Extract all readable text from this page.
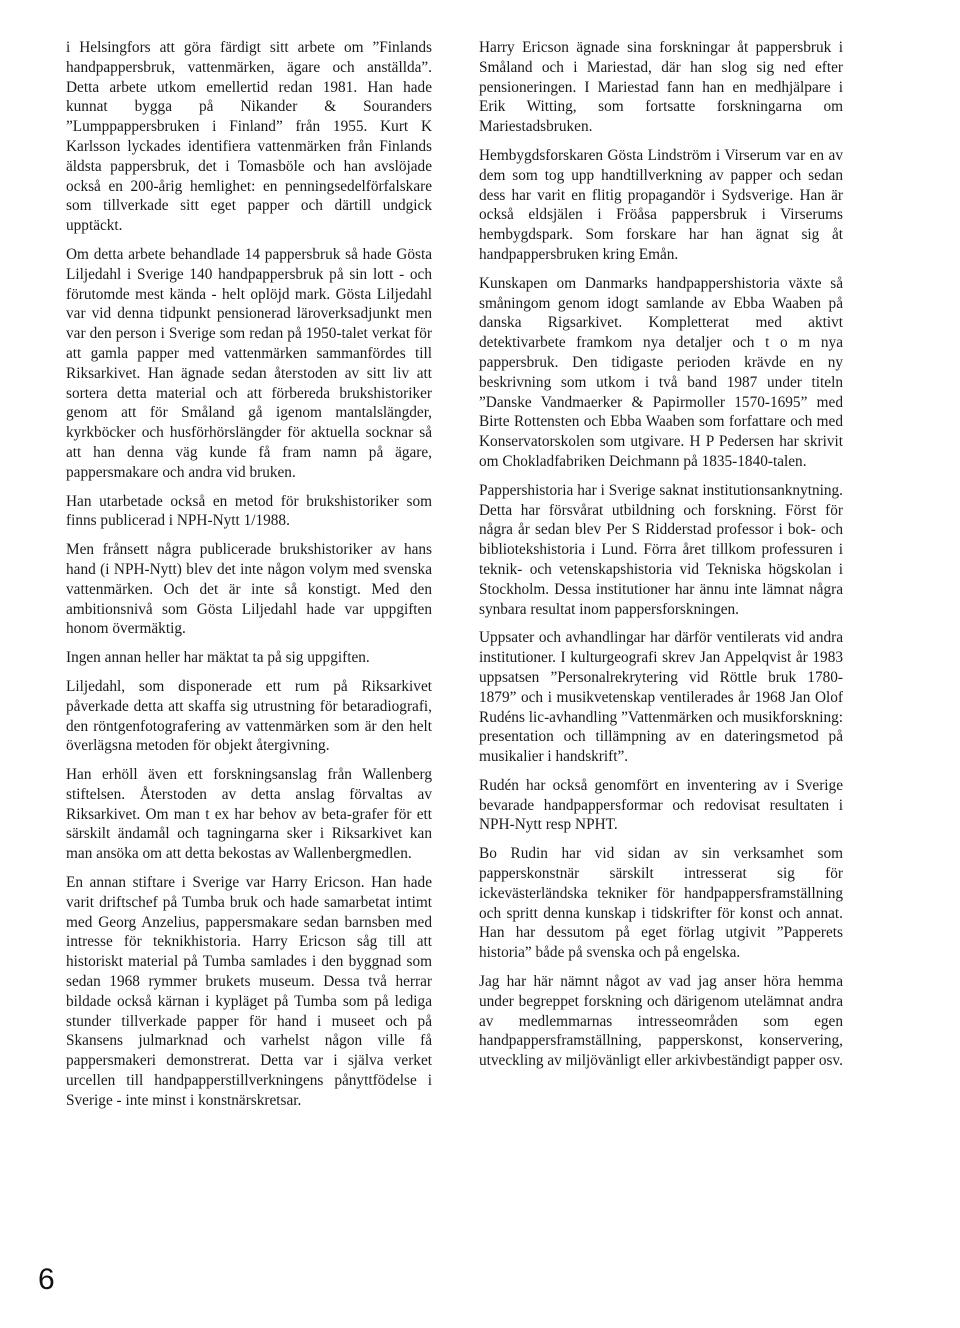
i Helsingfors att göra färdigt sitt arbete om ”Finlands handpappersbruk, vattenmärken, ägare och anställda”. Detta arbete utkom emellertid redan 1981. Han hade kunnat bygga på Nikander & Souranders ”Lumppappersbruken i Finland” från 1955. Kurt K Karlsson lyckades identifiera vattenmärken från Finlands äldsta pappersbruk, det i Tomasböle och han avslöjade också en 200-årig hemlighet: en penningsedelförfalskare som tillverkade sitt eget papper och därtill undgick upptäckt.

Om detta arbete behandlade 14 pappersbruk så hade Gösta Liljedahl i Sverige 140 handpappersbruk på sin lott - och förutomde mest kända - helt oplöjd mark. Gösta Liljedahl var vid denna tidpunkt pensionerad läroverksadjunkt men var den person i Sverige som redan på 1950-talet verkat för att gamla papper med vattenmärken sammanfördes till Riksarkivet. Han ägnade sedan återstoden av sitt liv att sortera detta material och att förbereda brukshistoriker genom att för Småland gå igenom mantalslängder, kyrkböcker och husförhörslängder för aktuella socknar så att han denna väg kunde få fram namn på ägare, pappersmakare och andra vid bruken.

Han utarbetade också en metod för brukshistoriker som finns publicerad i NPH-Nytt 1/1988.

Men frånsett några publicerade brukshistoriker av hans hand (i NPH-Nytt) blev det inte någon volym med svenska vattenmärken. Och det är inte så konstigt. Med den ambitionsnivå som Gösta Liljedahl hade var uppgiften honom övermäktig.

Ingen annan heller har mäktat ta på sig uppgiften.

Liljedahl, som disponerade ett rum på Riksarkivet påverkade detta att skaffa sig utrustning för betaradiografi, den röntgenfotografering av vattenmärken som är den helt överlägsna metoden för objekt återgivning.

Han erhöll även ett forskningsanslag från Wallenberg stiftelsen. Återstoden av detta anslag förvaltas av Riksarkivet. Om man t ex har behov av beta-grafer för ett särskilt ändamål och tagningarna sker i Riksarkivet kan man ansöka om att detta bekostas av Wallenbergmedlen.

En annan stiftare i Sverige var Harry Ericson. Han hade varit driftschef på Tumba bruk och hade samarbetat intimt med Georg Anzelius, pappersmakare sedan barnsben med intresse för teknikhistoria. Harry Ericson såg till att historiskt material på Tumba samlades i den byggnad som sedan 1968 rymmer brukets museum. Dessa två herrar bildade också kärnan i kypläget på Tumba som på lediga stunder tillverkade papper för hand i museet och på Skansens julmarknad och varhelst någon ville få pappersmakeri demonstrerat. Detta var i själva verket urcellen till handpapperstillverkningens pånyttfödelse i Sverige - inte minst i konstnärskretsar.

Harry Ericson ägnade sina forskningar åt pappersbruk i Småland och i Mariestad, där han slog sig ned efter pensioneringen. I Mariestad fann han en medhjälpare i Erik Witting, som fortsatte forskningarna om Mariestadsbruken.

Hembygdsforskaren Gösta Lindström i Virserum var en av dem som tog upp handtillverkning av papper och sedan dess har varit en flitig propagandör i Sydsverige. Han är också eldsjälen i Fröåsa pappersbruk i Virserums hembygdspark. Som forskare har han ägnat sig åt handpappersbruken kring Emån.

Kunskapen om Danmarks handpappershistoria växte så småningom genom idogt samlande av Ebba Waaben på danska Rigsarkivet. Kompletterat med aktivt detektivarbete framkom nya detaljer och t o m nya pappersbruk. Den tidigaste perioden krävde en ny beskrivning som utkom i två band 1987 under titeln ”Danske Vandmaerker & Papirmoller 1570-1695” med Birte Rottensten och Ebba Waaben som forfattare och med Konservatorskolen som utgivare. H P Pedersen har skrivit om Chokladfabriken Deichmann på 1835-1840-talen.

Pappershistoria har i Sverige saknat institutionsanknytning. Detta har försvårat utbildning och forskning. Först för några år sedan blev Per S Ridderstad professor i bok- och bibliotekshistoria i Lund. Förra året tillkom professuren i teknik- och vetenskapshistoria vid Tekniska högskolan i Stockholm. Dessa institutioner har ännu inte lämnat några synbara resultat inom pappersforskningen.

Uppsater och avhandlingar har därför ventilerats vid andra institutioner. I kulturgeografi skrev Jan Appelqvist år 1983 uppsatsen ”Personalrekrytering vid Röttle bruk 1780-1879” och i musikvetenskap ventilerades år 1968 Jan Olof Rudéns lic-avhandling ”Vattenmärken och musikforskning: presentation och tillämpning av en dateringsmetod på musikalier i handskrift”.

Rudén har också genomfört en inventering av i Sverige bevarade handpappersformar och redovisat resultaten i NPH-Nytt resp NPHT.

Bo Rudin har vid sidan av sin verksamhet som papperskonstnär särskilt intresserat sig för ickevästerländska tekniker för handpappersframställning och spritt denna kunskap i tidskrifter för konst och annat. Han har dessutom på eget förlag utgivit ”Papperets historia” både på svenska och på engelska.

Jag har här nämnt något av vad jag anser höra hemma under begreppet forskning och därigenom utelämnat andra av medlemmarnas intresseområden som egen handpappersframställning, papperskonst, konservering, utveckling av miljövänligt eller arkivbeständigt papper osv.

6
